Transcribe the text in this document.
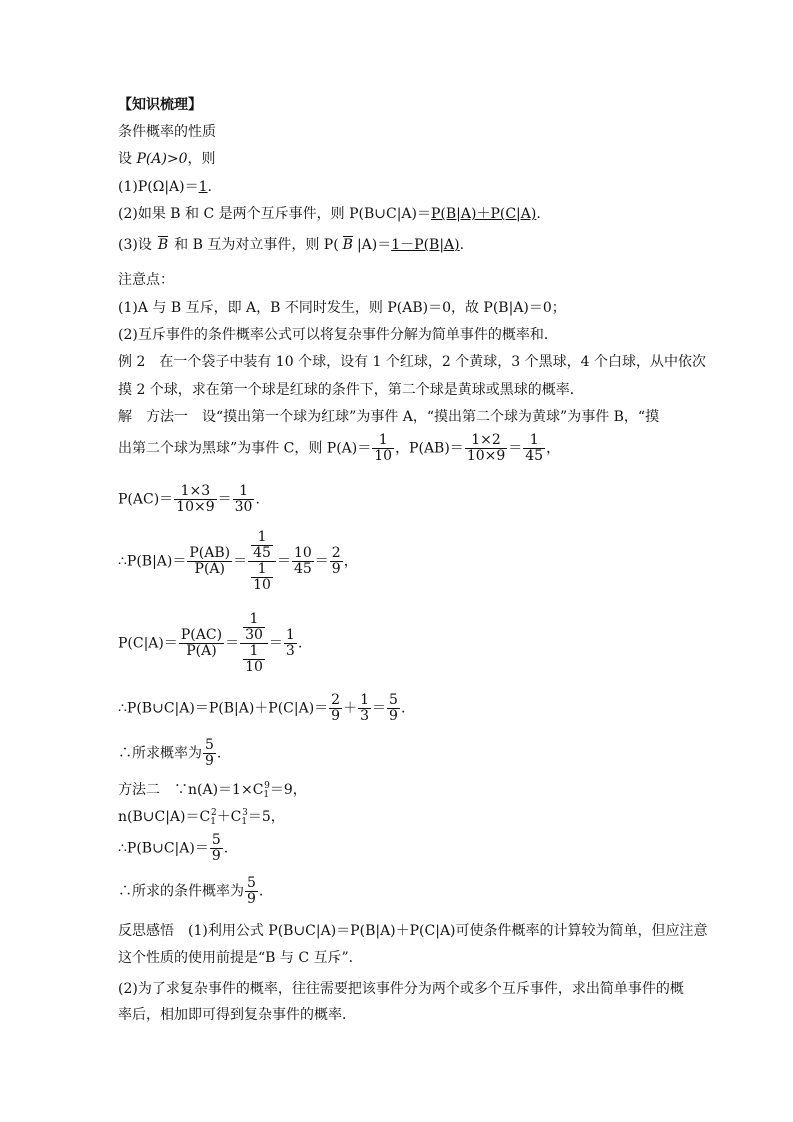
【知识梳理】
条件概率的性质
设 P(A)>0，则
(1)P(Ω|A)＝1.
(2)如果 B 和 C 是两个互斥事件，则 P(B∪C|A)＝P(B|A)＋P(C|A).
(3)设 B 和 B 互为对立事件，则 P( B |A)＝1－P(B|A).
注意点：
(1)A 与 B 互斥，即 A，B 不同时发生，则 P(AB)＝0，故 P(B|A)＝0；
(2)互斥事件的条件概率公式可以将复杂事件分解为简单事件的概率和．
例 2　在一个袋子中装有 10 个球，设有 1 个红球，2 个黄球，3 个黑球，4 个白球，从中依次
摸 2 个球，求在第一个球是红球的条件下，第二个球是黄球或黑球的概率．
解　方法一　设“摸出第一个球为红球”为事件 A，“摸出第二个球为黄球”为事件 B，“摸
出第二个球为黑球”为事件 C，则 $P(A)= \frac{1}{10}$ ，$P(AB)= \frac{1\times 2}{10\times 9} = \frac{1}{45}$ ，
$P(AC)= \frac{1\times 3}{10\times 9} = \frac{1}{30}$ .
∴P(B|A)＝ $\frac{P(AB)}{P(A)} = \frac{\frac{1}{45}}{\frac{1}{10}} = \frac{10}{45} = \frac{2}{9}$ ，
$P(C|A)= \frac{P(AC)}{P(A)} = \frac{\frac{1}{30}}{\frac{1}{10}} = \frac{1}{3}$ .
∴P(B∪C|A)＝P(B|A)＋P(C|A)＝ $\frac{2}{9} + \frac{1}{3} = \frac{5}{9}$ .
∴所求概率为 $\frac{5}{9}$ .
方法二　$\because n(A)=1\times C_1^9=9$，
$n(B\cup C|A)=C_1^2+C_1^3=5$，
∴P(B∪C|A)＝ $\frac{5}{9}$ .
∴所求的条件概率为 $\frac{5}{9}$ .
反思感悟　(1)利用公式 P(B∪C|A)＝P(B|A)＋P(C|A)可使条件概率的计算较为简单，但应注意
这个性质的使用前提是“B 与 C 互斥”．
(2)为了求复杂事件的概率，往往需要把该事件分为两个或多个互斥事件，求出简单事件的概
率后，相加即可得到复杂事件的概率．
